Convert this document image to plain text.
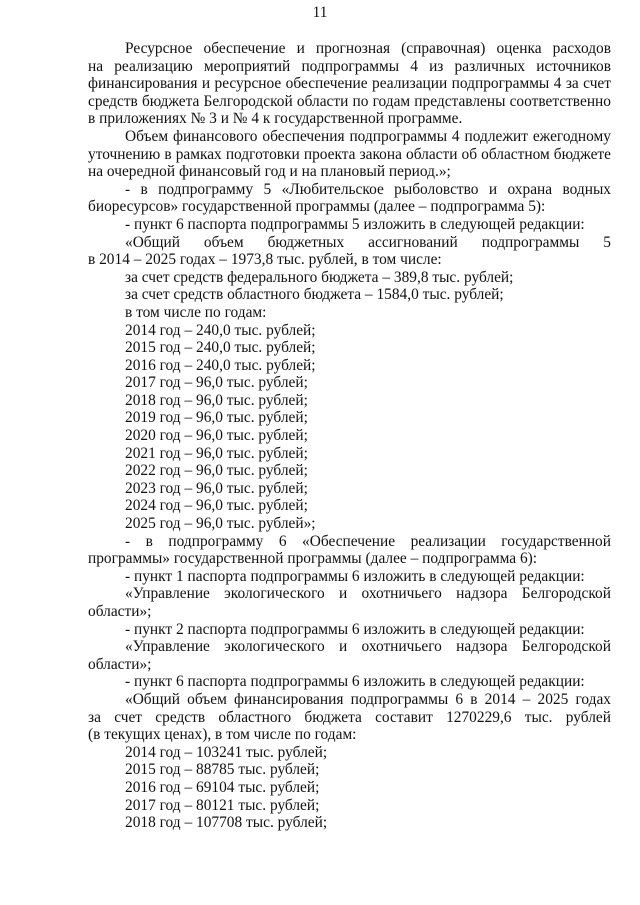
11
Ресурсное обеспечение и прогнозная (справочная) оценка расходов
на реализацию мероприятий подпрограммы 4 из различных источников
финансирования и ресурсное обеспечение реализации подпрограммы 4 за счет
средств бюджета Белгородской области по годам представлены соответственно
в приложениях № 3 и № 4 к государственной программе.
Объем финансового обеспечения подпрограммы 4 подлежит ежегодному
уточнению в рамках подготовки проекта закона области об областном бюджете
на очередной финансовый год и на плановый период.»;
- в подпрограмму 5 «Любительское рыболовство и охрана водных
биоресурсов» государственной программы (далее – подпрограмма 5):
- пункт 6 паспорта подпрограммы 5 изложить в следующей редакции:
«Общий объем бюджетных ассигнований подпрограммы 5
в 2014 – 2025 годах – 1973,8 тыс. рублей, в том числе:
за счет средств федерального бюджета – 389,8 тыс. рублей;
за счет средств областного бюджета – 1584,0 тыс. рублей;
в том числе по годам:
2014 год – 240,0 тыс. рублей;
2015 год – 240,0 тыс. рублей;
2016 год – 240,0 тыс. рублей;
2017 год – 96,0 тыс. рублей;
2018 год – 96,0 тыс. рублей;
2019 год – 96,0 тыс. рублей;
2020 год – 96,0 тыс. рублей;
2021 год – 96,0 тыс. рублей;
2022 год – 96,0 тыс. рублей;
2023 год – 96,0 тыс. рублей;
2024 год – 96,0 тыс. рублей;
2025 год – 96,0 тыс. рублей»;
- в подпрограмму 6 «Обеспечение реализации государственной
программы» государственной программы (далее – подпрограмма 6):
- пункт 1 паспорта подпрограммы 6 изложить в следующей редакции:
«Управление экологического и охотничьего надзора Белгородской
области»;
- пункт 2 паспорта подпрограммы 6 изложить в следующей редакции:
«Управление экологического и охотничьего надзора Белгородской
области»;
- пункт 6 паспорта подпрограммы 6 изложить в следующей редакции:
«Общий объем финансирования подпрограммы 6 в 2014 – 2025 годах
за счет средств областного бюджета составит 1270229,6 тыс. рублей
(в текущих ценах), в том числе по годам:
2014 год – 103241 тыс. рублей;
2015 год – 88785 тыс. рублей;
2016 год – 69104 тыс. рублей;
2017 год – 80121 тыс. рублей;
2018 год – 107708 тыс. рублей;
